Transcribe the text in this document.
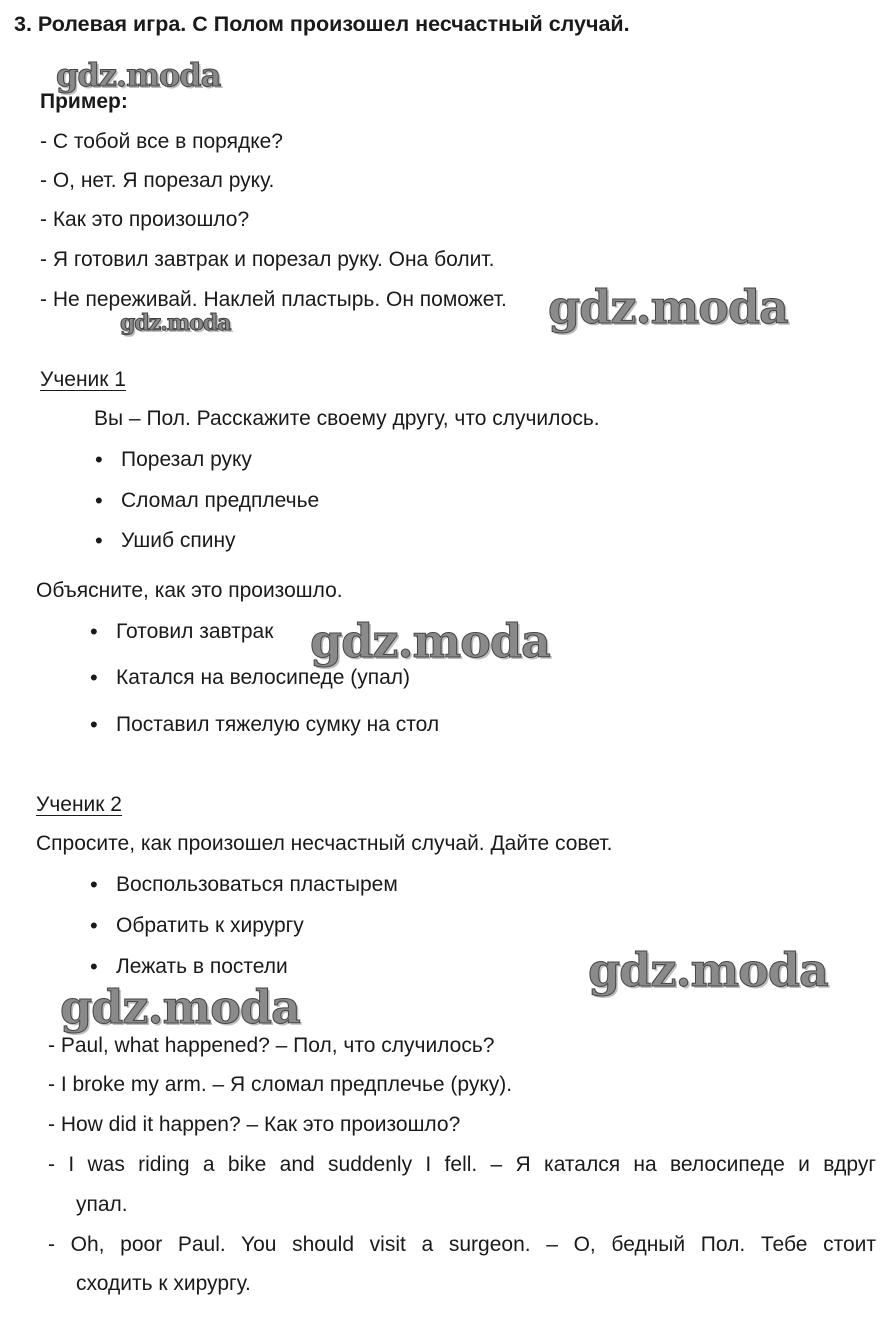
3. Ролевая игра. С Полом произошел несчастный случай.
gdz.moda
Пример:
- С тобой все в порядке?
- О, нет. Я порезал руку.
- Как это произошло?
- Я готовил завтрак и порезал руку. Она болит.
- Не переживай. Наклей пластырь. Он поможет. gdz.moda
gdz.moda
Ученик 1
Вы – Пол. Расскажите своему другу, что случилось.
• Порезал руку
• Сломал предплечье
• Ушиб спину
Объясните, как это произошло.
• Готовил завтрак gdz.moda
• Катался на велосипеде (упал)
• Поставил тяжелую сумку на стол
Ученик 2
Спросите, как произошел несчастный случай. Дайте совет.
• Воспользоваться пластырем
• Обратить к хирургу
• Лежать в постели	gdz.moda
gdz.moda
- Paul, what happened? – Пол, что случилось?
- I broke my arm. – Я сломал предплечье (руку).
- How did it happen? – Как это произошло?
- I was riding a bike and suddenly I fell. – Я катался на велосипеде и вдруг
упал.
- Oh, poor Paul. You should visit a surgeon. – О, бедный Пол. Тебе стоит
сходить к хирургу.
